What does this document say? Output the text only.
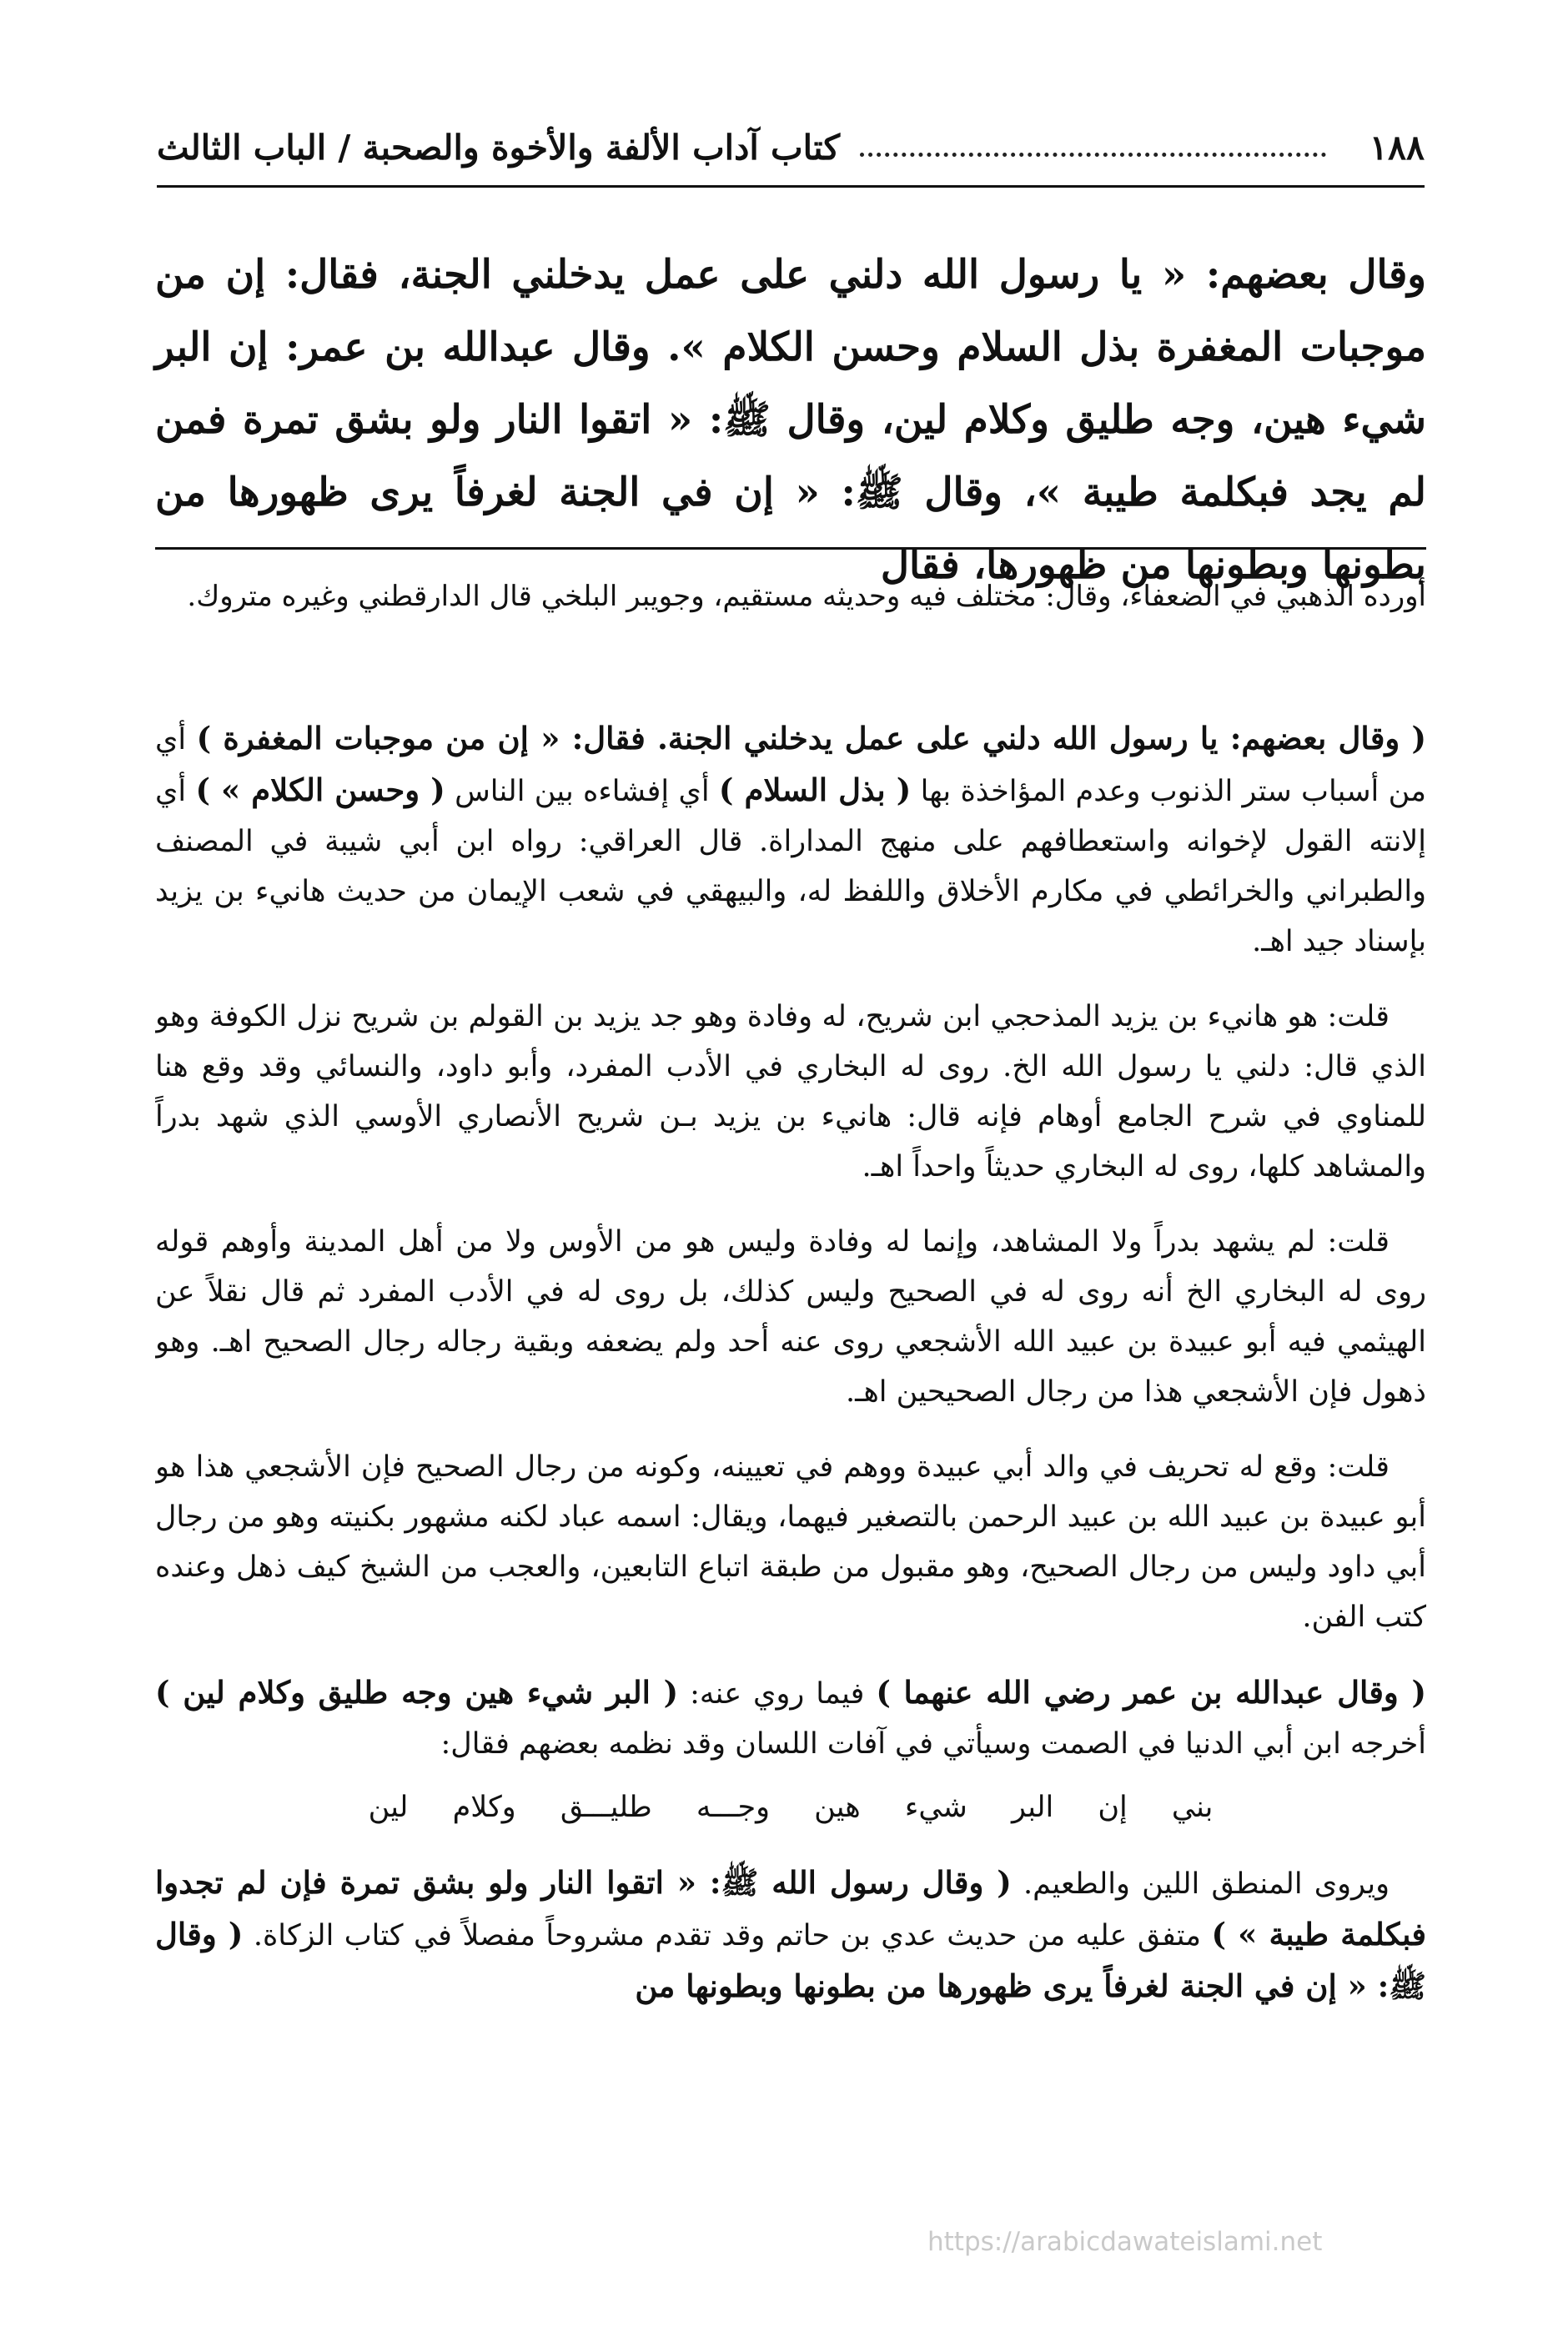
١٨٨
كتاب آداب الألفة والأخوة والصحبة / الباب الثالث
وقال بعضهم: « يا رسول الله دلني على عمل يدخلني الجنة، فقال: إن من موجبات المغفرة بذل السلام وحسن الكلام ». وقال عبدالله بن عمر: إن البر شيء هين، وجه طليق وكلام لين، وقال ﷺ: « اتقوا النار ولو بشق تمرة فمن لم يجد فبكلمة طيبة »، وقال ﷺ: « إن في الجنة لغرفاً يرى ظهورها من بطونها وبطونها من ظهورها، فقال
أورده الذهبي في الضعفاء، وقال: مختلف فيه وحديثه مستقيم، وجويبر البلخي قال الدارقطني وغيره متروك.

( وقال بعضهم: يا رسول الله دلني على عمل يدخلني الجنة. فقال: « إن من موجبات المغفرة ) أي من أسباب ستر الذنوب وعدم المؤاخذة بها ( بذل السلام ) أي إفشاءه بين الناس ( وحسن الكلام » ) أي إلانته القول لإخوانه واستعطافهم على منهج المداراة. قال العراقي: رواه ابن أبي شيبة في المصنف والطبراني والخرائطي في مكارم الأخلاق واللفظ له، والبيهقي في شعب الإيمان من حديث هانيء بن يزيد بإسناد جيد اهـ.

قلت: هو هانيء بن يزيد المذحجي ابن شريح، له وفادة وهو جد يزيد بن القولم بن شريح نزل الكوفة وهو الذي قال: دلني يا رسول الله الخ. روى له البخاري في الأدب المفرد، وأبو داود، والنسائي وقد وقع هنا للمناوي في شرح الجامع أوهام فإنه قال: هانيء بن يزيد بـن شريح الأنصاري الأوسي الذي شهد بدراً والمشاهد كلها، روى له البخاري حديثاً واحداً اهـ.

قلت: لم يشهد بدراً ولا المشاهد، وإنما له وفادة وليس هو من الأوس ولا من أهل المدينة وأوهم قوله روى له البخاري الخ أنه روى له في الصحيح وليس كذلك، بل روى له في الأدب المفرد ثم قال نقلاً عن الهيثمي فيه أبو عبيدة بن عبيد الله الأشجعي روى عنه أحد ولم يضعفه وبقية رجاله رجال الصحيح اهـ. وهو ذهول فإن الأشجعي هذا من رجال الصحيحين اهـ.

قلت: وقع له تحريف في والد أبي عبيدة ووهم في تعيينه، وكونه من رجال الصحيح فإن الأشجعي هذا هو أبو عبيدة بن عبيد الله بن عبيد الرحمن بالتصغير فيهما، ويقال: اسمه عباد لكنه مشهور بكنيته وهو من رجال أبي داود وليس من رجال الصحيح، وهو مقبول من طبقة اتباع التابعين، والعجب من الشيخ كيف ذهل وعنده كتب الفن.

( وقال عبدالله بن عمر رضي الله عنهما ) فيما روي عنه: ( البر شيء هين وجه طليق وكلام لين ) أخرجه ابن أبي الدنيا في الصمت وسيأتي في آفات اللسان وقد نظمه بعضهم فقال:

بني إن البر شيء هين وجـــه طليـــق وكلام لين

ويروى المنطق اللين والطعيم. ( وقال رسول الله ﷺ: « اتقوا النار ولو بشق تمرة فإن لم تجدوا فبكلمة طيبة » ) متفق عليه من حديث عدي بن حاتم وقد تقدم مشروحاً مفصلاً في كتاب الزكاة. ( وقال ﷺ: « إن في الجنة لغرفاً يرى ظهورها من بطونها وبطونها من

https://arabicdawateislami.net
